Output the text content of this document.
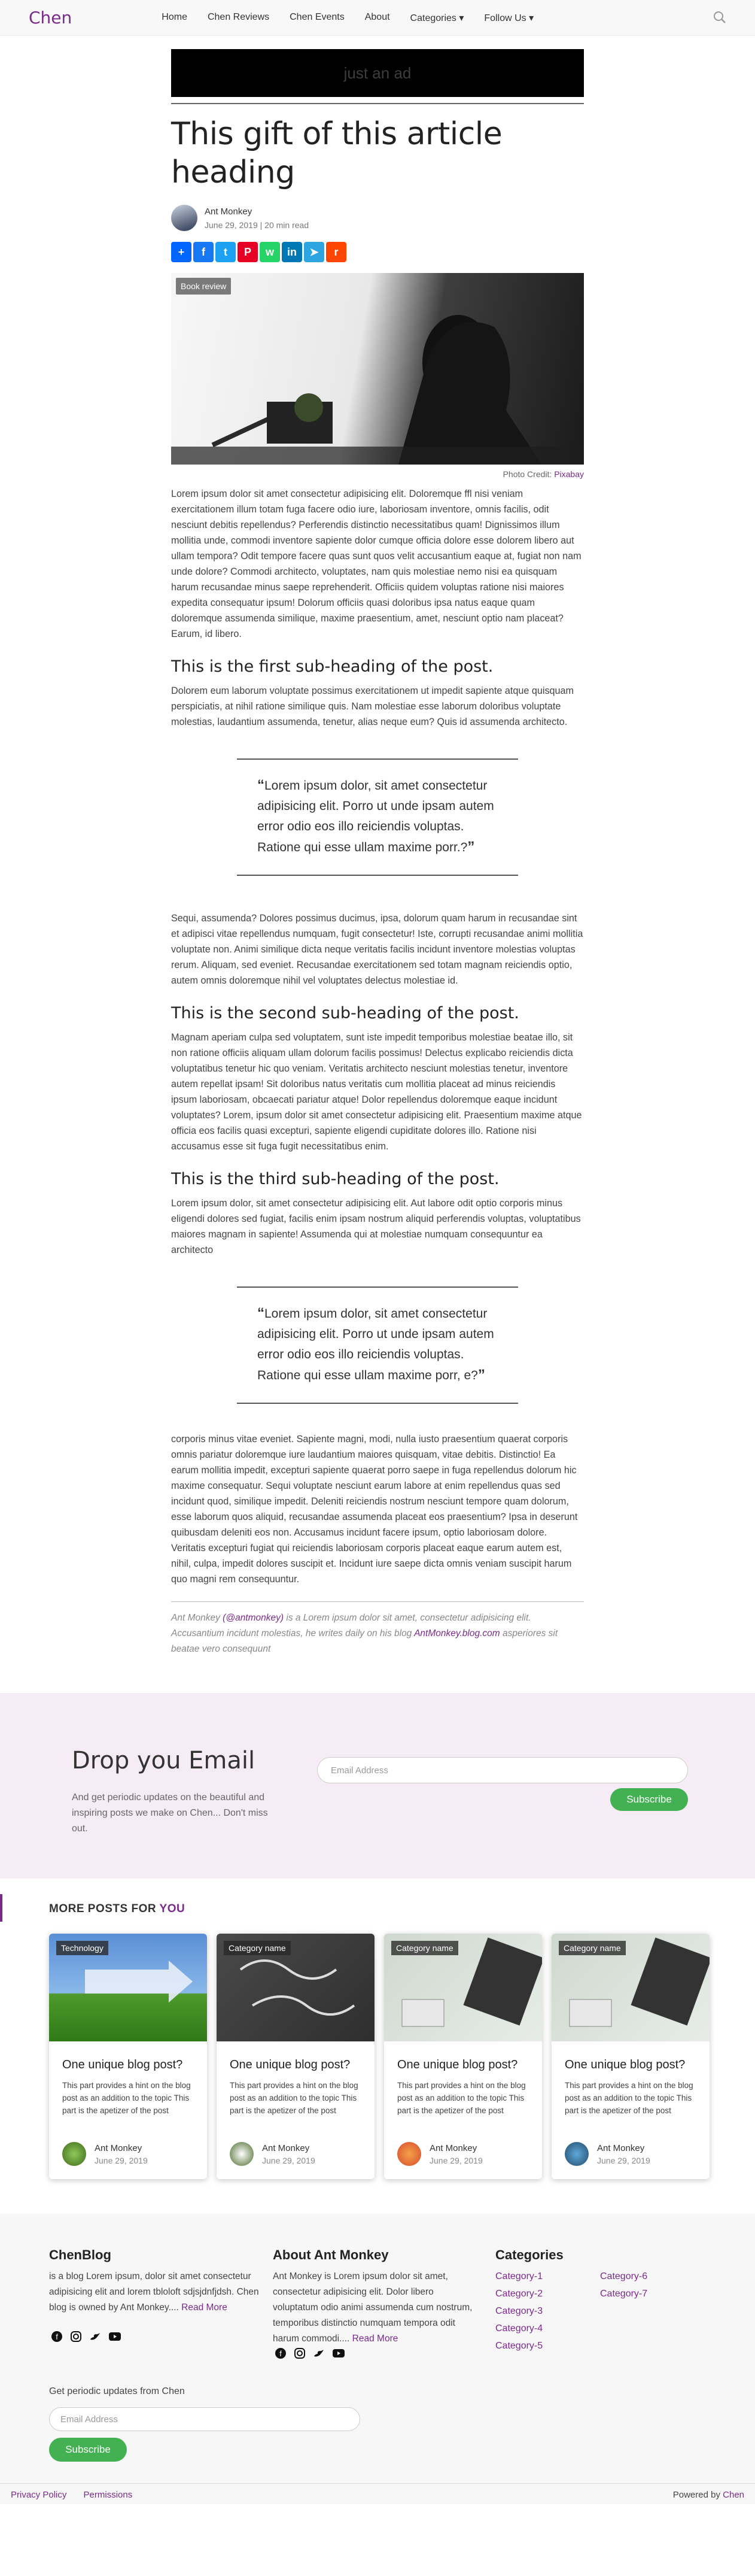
Chen	Home Chen Reviews Chen Events About Categories ▾ Follow Us ▾
just an ad
This gift of this article heading
Ant Monkey
June 29, 2019 | 20 min read
+	f	t	P	w	in	➤	r
Book review
Photo Credit: Pixabay

Lorem ipsum dolor sit amet consectetur adipisicing elit. Doloremque ffl nisi veniam exercitationem illum totam fuga facere odio iure, laboriosam inventore, omnis facilis, odit nesciunt debitis repellendus? Perferendis distinctio necessitatibus quam! Dignissimos illum mollitia unde, commodi inventore sapiente dolor cumque officia dolore esse dolorem libero aut ullam tempora? Odit tempore facere quas sunt quos velit accusantium eaque at, fugiat non nam unde dolore? Commodi architecto, voluptates, nam quis molestiae nemo nisi ea quisquam harum recusandae minus saepe reprehenderit. Officiis quidem voluptas ratione nisi maiores expedita consequatur ipsum! Dolorum officiis quasi doloribus ipsa natus eaque quam doloremque assumenda similique, maxime praesentium, amet, nesciunt optio nam placeat? Earum, id libero.

This is the first sub-heading of the post.

Dolorem eum laborum voluptate possimus exercitationem ut impedit sapiente atque quisquam perspiciatis, at nihil ratione similique quis. Nam molestiae esse laborum doloribus voluptate molestias, laudantium assumenda, tenetur, alias neque eum? Quis id assumenda architecto.

“Lorem ipsum dolor, sit amet consectetur adipisicing elit. Porro ut unde ipsam autem error odio eos illo reiciendis voluptas. Ratione qui esse ullam maxime porr.?”

Sequi, assumenda? Dolores possimus ducimus, ipsa, dolorum quam harum in recusandae sint et adipisci vitae repellendus numquam, fugit consectetur! Iste, corrupti recusandae animi mollitia voluptate non. Animi similique dicta neque veritatis facilis incidunt inventore molestias voluptas rerum. Aliquam, sed eveniet. Recusandae exercitationem sed totam magnam reiciendis optio, autem omnis doloremque nihil vel voluptates delectus molestiae id.

This is the second sub-heading of the post.

Magnam aperiam culpa sed voluptatem, sunt iste impedit temporibus molestiae beatae illo, sit non ratione officiis aliquam ullam dolorum facilis possimus! Delectus explicabo reiciendis dicta voluptatibus tenetur hic quo veniam. Veritatis architecto nesciunt molestias tenetur, inventore autem repellat ipsam! Sit doloribus natus veritatis cum mollitia placeat ad minus reiciendis ipsum laboriosam, obcaecati pariatur atque! Dolor repellendus doloremque eaque incidunt voluptates? Lorem, ipsum dolor sit amet consectetur adipisicing elit. Praesentium maxime atque officia eos facilis quasi excepturi, sapiente eligendi cupiditate dolores illo. Ratione nisi accusamus esse sit fuga fugit necessitatibus enim.

This is the third sub-heading of the post.

Lorem ipsum dolor, sit amet consectetur adipisicing elit. Aut labore odit optio corporis minus eligendi dolores sed fugiat, facilis enim ipsam nostrum aliquid perferendis voluptas, voluptatibus maiores magnam in sapiente! Assumenda qui at molestiae numquam consequuntur ea architecto

“Lorem ipsum dolor, sit amet consectetur adipisicing elit. Porro ut unde ipsam autem error odio eos illo reiciendis voluptas. Ratione qui esse ullam maxime porr, e?”

corporis minus vitae eveniet. Sapiente magni, modi, nulla iusto praesentium quaerat corporis omnis pariatur doloremque iure laudantium maiores quisquam, vitae debitis. Distinctio! Ea earum mollitia impedit, excepturi sapiente quaerat porro saepe in fuga repellendus dolorum hic maxime consequatur. Sequi voluptate nesciunt earum labore at enim repellendus quas sed incidunt quod, similique impedit. Deleniti reiciendis nostrum nesciunt tempore quam dolorum, esse laborum quos aliquid, recusandae assumenda placeat eos praesentium? Ipsa in deserunt quibusdam deleniti eos non. Accusamus incidunt facere ipsum, optio laboriosam dolore. Veritatis excepturi fugiat qui reiciendis laboriosam corporis placeat eaque earum autem est, nihil, culpa, impedit dolores suscipit et. Incidunt iure saepe dicta omnis veniam suscipit harum quo magni rem consequuntur.

Ant Monkey (@antmonkey) is a Lorem ipsum dolor sit amet, consectetur adipisicing elit. Accusantium incidunt molestias, he writes daily on his blog AntMonkey.blog.com asperiores sit beatae vero consequunt
Drop you Email
And get periodic updates on the beautiful and inspiring posts we make on Chen... Don't miss out.
Email Address
Subscribe
MORE POSTS FOR YOU
Technology
One unique blog post?
This part provides a hint on the blog post as an addition to the topic This part is the apetizer of the post
Ant Monkey
June 29, 2019
Category name
One unique blog post?
This part provides a hint on the blog post as an addition to the topic This part is the apetizer of the post
Ant Monkey
June 29, 2019
Category name
One unique blog post?
This part provides a hint on the blog post as an addition to the topic This part is the apetizer of the post
Ant Monkey
June 29, 2019
Category name
One unique blog post?
This part provides a hint on the blog post as an addition to the topic This part is the apetizer of the post
Ant Monkey
June 29, 2019
ChenBlog
is a blog Lorem ipsum, dolor sit amet consectetur adipisicing elit and lorem tbloloft sdjsjdnfjdsh. Chen blog is owned by Ant Monkey.... Read More
f
About Ant Monkey
Ant Monkey is Lorem ipsum dolor sit amet, consectetur adipisicing elit. Dolor libero voluptatum odio animi assumenda cum nostrum, temporibus distinctio numquam tempora odit harum commodi.... Read More
f
Categories
Category-1
Category-2
Category-3
Category-4
Category-5
Category-6
Category-7
Get periodic updates from Chen
Email Address
Subscribe
Privacy Policy Permissions	Powered by Chen
